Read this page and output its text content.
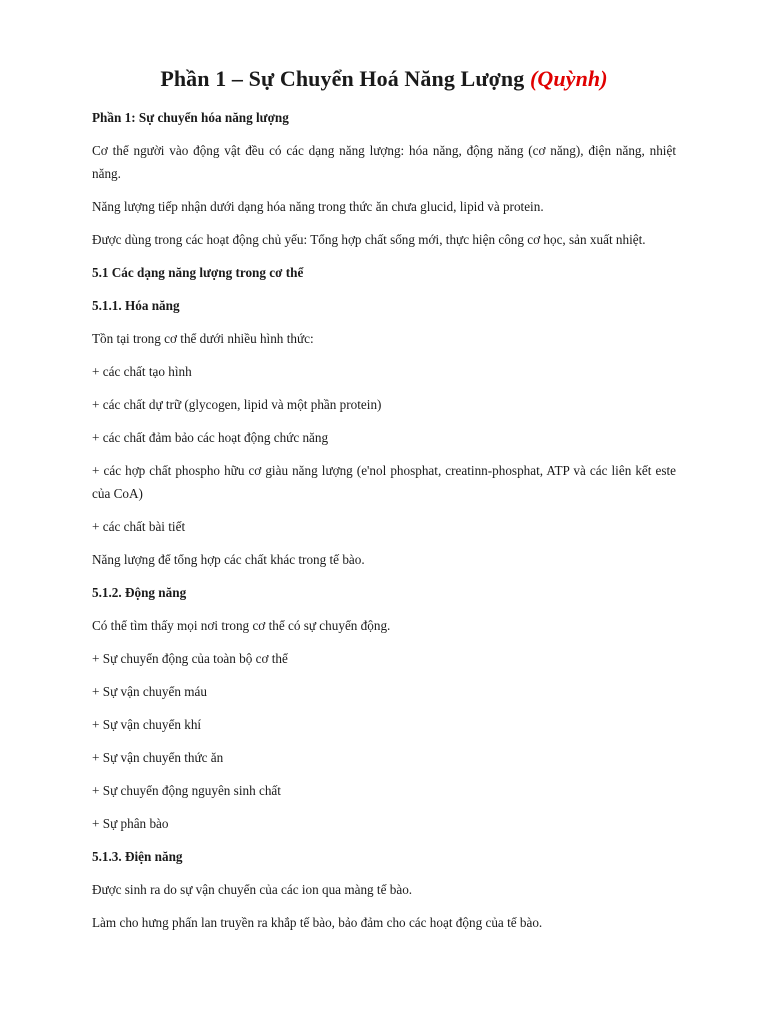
Phần 1 – Sự Chuyển Hoá Năng Lượng (Quỳnh)
Phần 1: Sự chuyển hóa năng lượng

Cơ thể người vào động vật đều có các dạng năng lượng: hóa năng, động năng (cơ năng), điện năng, nhiệt năng.

Năng lượng tiếp nhận dưới dạng hóa năng trong thức ăn chưa glucid, lipid và protein.

Được dùng trong các hoạt động chủ yếu: Tổng hợp chất sống mới, thực hiện công cơ học, sản xuất nhiệt.

5.1 Các dạng năng lượng trong cơ thể
5.1.1. Hóa năng

Tồn tại trong cơ thể dưới nhiều hình thức:

+ các chất tạo hình

+ các chất dự trữ (glycogen, lipid và một phần protein)

+ các chất đảm bảo các hoạt động chức năng

+ các hợp chất phospho hữu cơ giàu năng lượng (e'nol phosphat, creatinn-phosphat, ATP và các liên kết este của CoA)

+ các chất bài tiết

Năng lượng để tổng hợp các chất khác trong tế bào.

5.1.2. Động năng

Có thể tìm thấy mọi nơi trong cơ thể có sự chuyển động.

+ Sự chuyển động của toàn bộ cơ thể

+ Sự vận chuyển máu

+ Sự vận chuyển khí

+ Sự vận chuyển thức ăn

+ Sự chuyển động nguyên sinh chất

+ Sự phân bào

5.1.3. Điện năng

Được sinh ra do sự vận chuyển của các ion qua màng tế bào.

Làm cho hưng phấn lan truyền ra khắp tế bào, bảo đảm cho các hoạt động của tế bào.
